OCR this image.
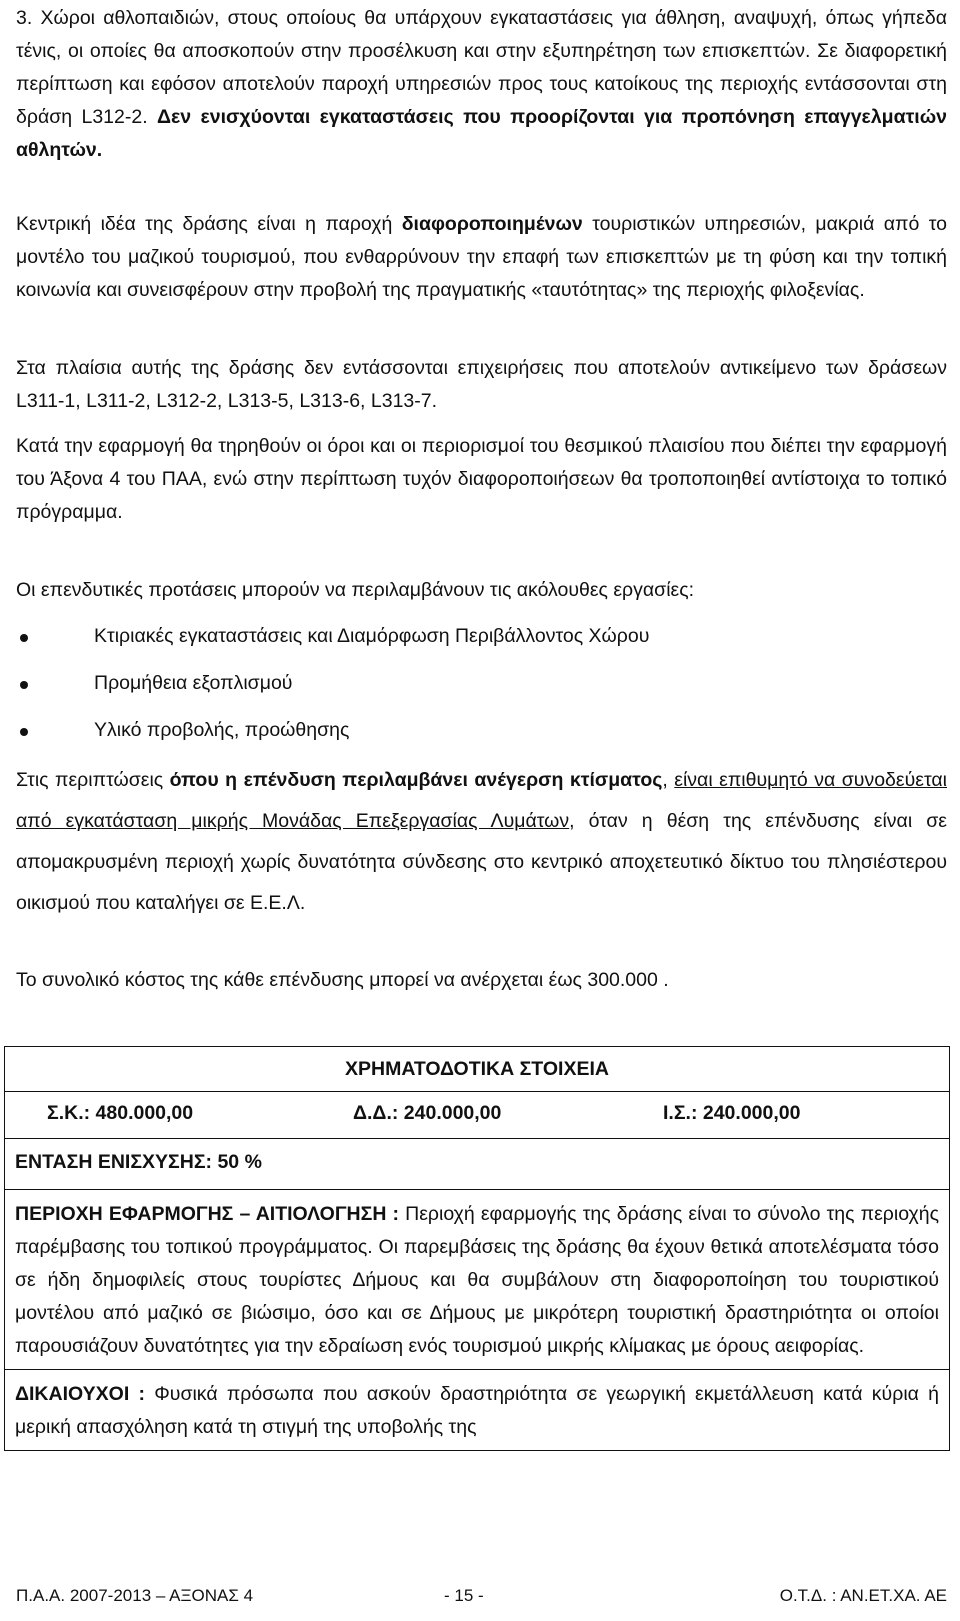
3. Χώροι αθλοπαιδιών, στους οποίους θα υπάρχουν εγκαταστάσεις για άθληση, αναψυχή, όπως γήπεδα τένις, οι οποίες θα αποσκοπούν στην προσέλκυση και στην εξυπηρέτηση των επισκεπτών. Σε διαφορετική περίπτωση και εφόσον αποτελούν παροχή υπηρεσιών προς τους κατοίκους της περιοχής εντάσσονται στη δράση L312-2. Δεν ενισχύονται εγκαταστάσεις που προορίζονται για προπόνηση επαγγελματιών αθλητών.

Κεντρική ιδέα της δράσης είναι η παροχή διαφοροποιημένων τουριστικών υπηρεσιών, μακριά από το μοντέλο του μαζικού τουρισμού, που ενθαρρύνουν την επαφή των επισκεπτών με τη φύση και την τοπική κοινωνία και συνεισφέρουν στην προβολή της πραγματικής «ταυτότητας» της περιοχής φιλοξενίας.

Στα πλαίσια αυτής της δράσης δεν εντάσσονται επιχειρήσεις που αποτελούν αντικείμενο των δράσεων L311-1, L311-2, L312-2, L313-5, L313-6, L313-7.

Κατά την εφαρμογή θα τηρηθούν οι όροι και οι περιορισμοί του θεσμικού πλαισίου που διέπει την εφαρμογή του Άξονα 4 του ΠΑΑ, ενώ στην περίπτωση τυχόν διαφοροποιήσεων θα τροποποιηθεί αντίστοιχα το τοπικό πρόγραμμα.

Οι επενδυτικές προτάσεις μπορούν να περιλαμβάνουν τις ακόλουθες εργασίες:

Κτιριακές εγκαταστάσεις και Διαμόρφωση Περιβάλλοντος Χώρου
Προμήθεια εξοπλισμού
Υλικό προβολής, προώθησης

Στις περιπτώσεις όπου η επένδυση περιλαμβάνει ανέγερση κτίσματος, είναι επιθυμητό να συνοδεύεται από εγκατάσταση μικρής Μονάδας Επεξεργασίας Λυμάτων, όταν η θέση της επένδυσης είναι σε απομακρυσμένη περιοχή χωρίς δυνατότητα σύνδεσης στο κεντρικό αποχετευτικό δίκτυο του πλησιέστερου οικισμού που καταλήγει σε Ε.Ε.Λ.

Το συνολικό κόστος της κάθε επένδυσης μπορεί να ανέρχεται έως 300.000 .

ΧΡΗΜΑΤΟΔΟΤΙΚΑ ΣΤΟΙΧΕΙΑ
Σ.Κ.: 480.000,00	Δ.Δ.: 240.000,00	Ι.Σ.: 240.000,00
ΕΝΤΑΣΗ ΕΝΙΣΧΥΣΗΣ: 50 %

ΠΕΡΙΟΧΗ ΕΦΑΡΜΟΓΗΣ – ΑΙΤΙΟΛΟΓΗΣΗ : Περιοχή εφαρμογής της δράσης είναι το σύνολο της περιοχής παρέμβασης του τοπικού προγράμματος. Οι παρεμβάσεις της δράσης θα έχουν θετικά αποτελέσματα τόσο σε ήδη δημοφιλείς στους τουρίστες Δήμους και θα συμβάλουν στη διαφοροποίηση του τουριστικού μοντέλου από μαζικό σε βιώσιμο, όσο και σε Δήμους με μικρότερη τουριστική δραστηριότητα οι οποίοι παρουσιάζουν δυνατότητες για την εδραίωση ενός τουρισμού μικρής κλίμακας με όρους αειφορίας.

ΔΙΚΑΙΟΥΧΟΙ : Φυσικά πρόσωπα που ασκούν δραστηριότητα σε γεωργική εκμετάλλευση κατά κύρια ή μερική απασχόληση κατά τη στιγμή της υποβολής της

Π.Α.Α. 2007-2013 – ΑΞΟΝΑΣ 4	- 15 -	Ο.Τ.Δ. : ΑΝ.ΕΤ.ΧΑ. ΑΕ
